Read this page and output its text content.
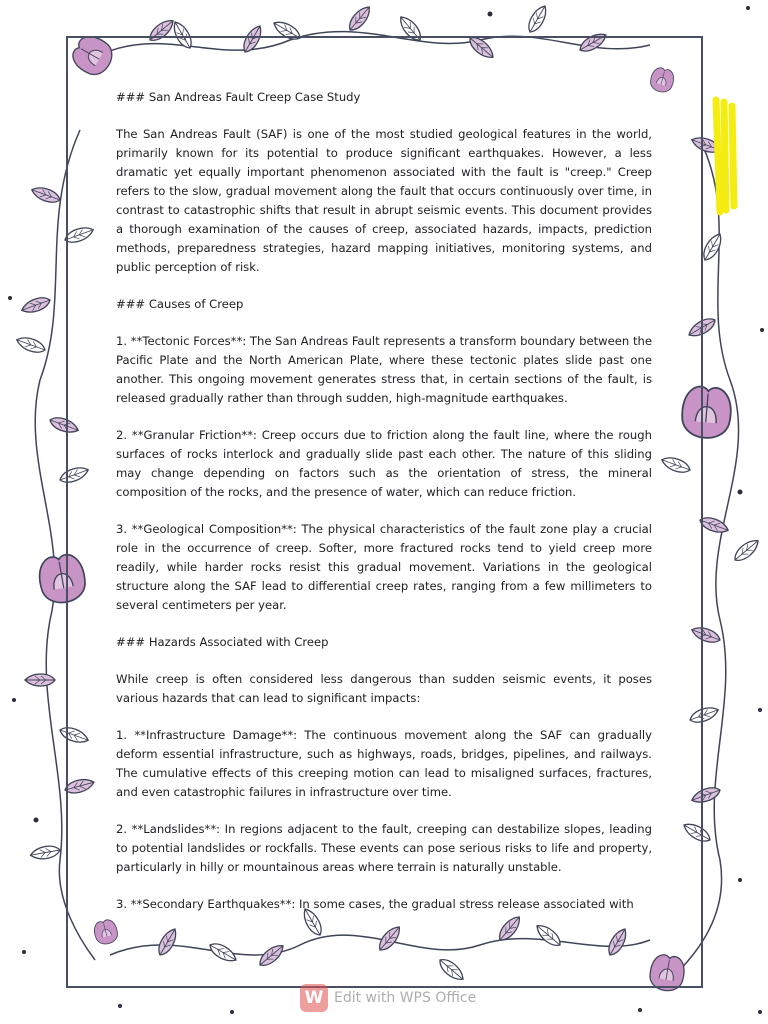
### San Andreas Fault Creep Case Study

The San Andreas Fault (SAF) is one of the most studied geological features in the world, primarily known for its potential to produce significant earthquakes. However, a less dramatic yet equally important phenomenon associated with the fault is "creep." Creep refers to the slow, gradual movement along the fault that occurs continuously over time, in contrast to catastrophic shifts that result in abrupt seismic events. This document provides a thorough examination of the causes of creep, associated hazards, impacts, prediction methods, preparedness strategies, hazard mapping initiatives, monitoring systems, and public perception of risk.

### Causes of Creep

1. **Tectonic Forces**: The San Andreas Fault represents a transform boundary between the Pacific Plate and the North American Plate, where these tectonic plates slide past one another. This ongoing movement generates stress that, in certain sections of the fault, is released gradually rather than through sudden, high-magnitude earthquakes.

2. **Granular Friction**: Creep occurs due to friction along the fault line, where the rough surfaces of rocks interlock and gradually slide past each other. The nature of this sliding may change depending on factors such as the orientation of stress, the mineral composition of the rocks, and the presence of water, which can reduce friction.

3. **Geological Composition**: The physical characteristics of the fault zone play a crucial role in the occurrence of creep. Softer, more fractured rocks tend to yield creep more readily, while harder rocks resist this gradual movement. Variations in the geological structure along the SAF lead to differential creep rates, ranging from a few millimeters to several centimeters per year.

### Hazards Associated with Creep

While creep is often considered less dangerous than sudden seismic events, it poses various hazards that can lead to significant impacts:

1. **Infrastructure Damage**: The continuous movement along the SAF can gradually deform essential infrastructure, such as highways, roads, bridges, pipelines, and railways. The cumulative effects of this creeping motion can lead to misaligned surfaces, fractures, and even catastrophic failures in infrastructure over time.

2. **Landslides**: In regions adjacent to the fault, creeping can destabilize slopes, leading to potential landslides or rockfalls. These events can pose serious risks to life and property, particularly in hilly or mountainous areas where terrain is naturally unstable.

3. **Secondary Earthquakes**: In some cases, the gradual stress release associated with

W Edit with WPS Office
